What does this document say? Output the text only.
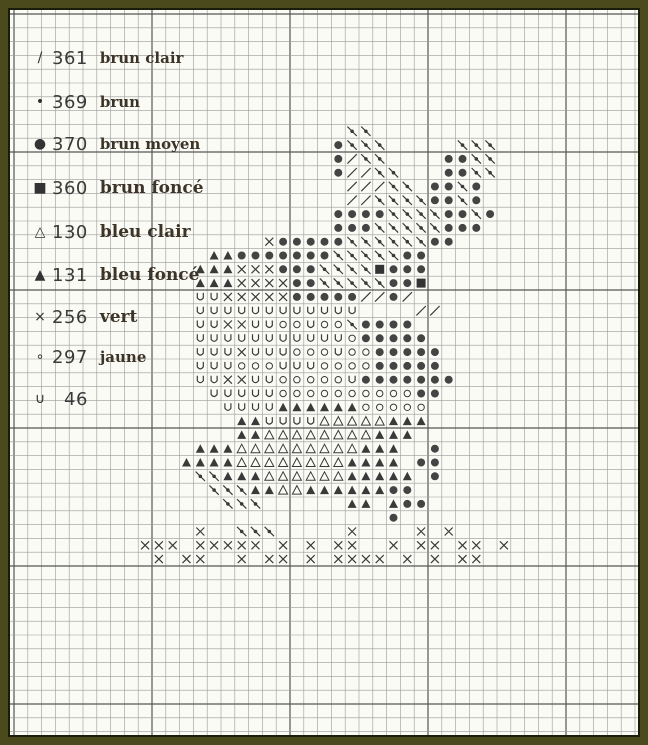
/ 361 brun clair
• 369 brun
● 370 brun moyen
■ 360 brun foncé
△ 130 bleu clair
▲ 131 bleu foncé
× 256 vert
∘ 297 jaune
∪ 46
